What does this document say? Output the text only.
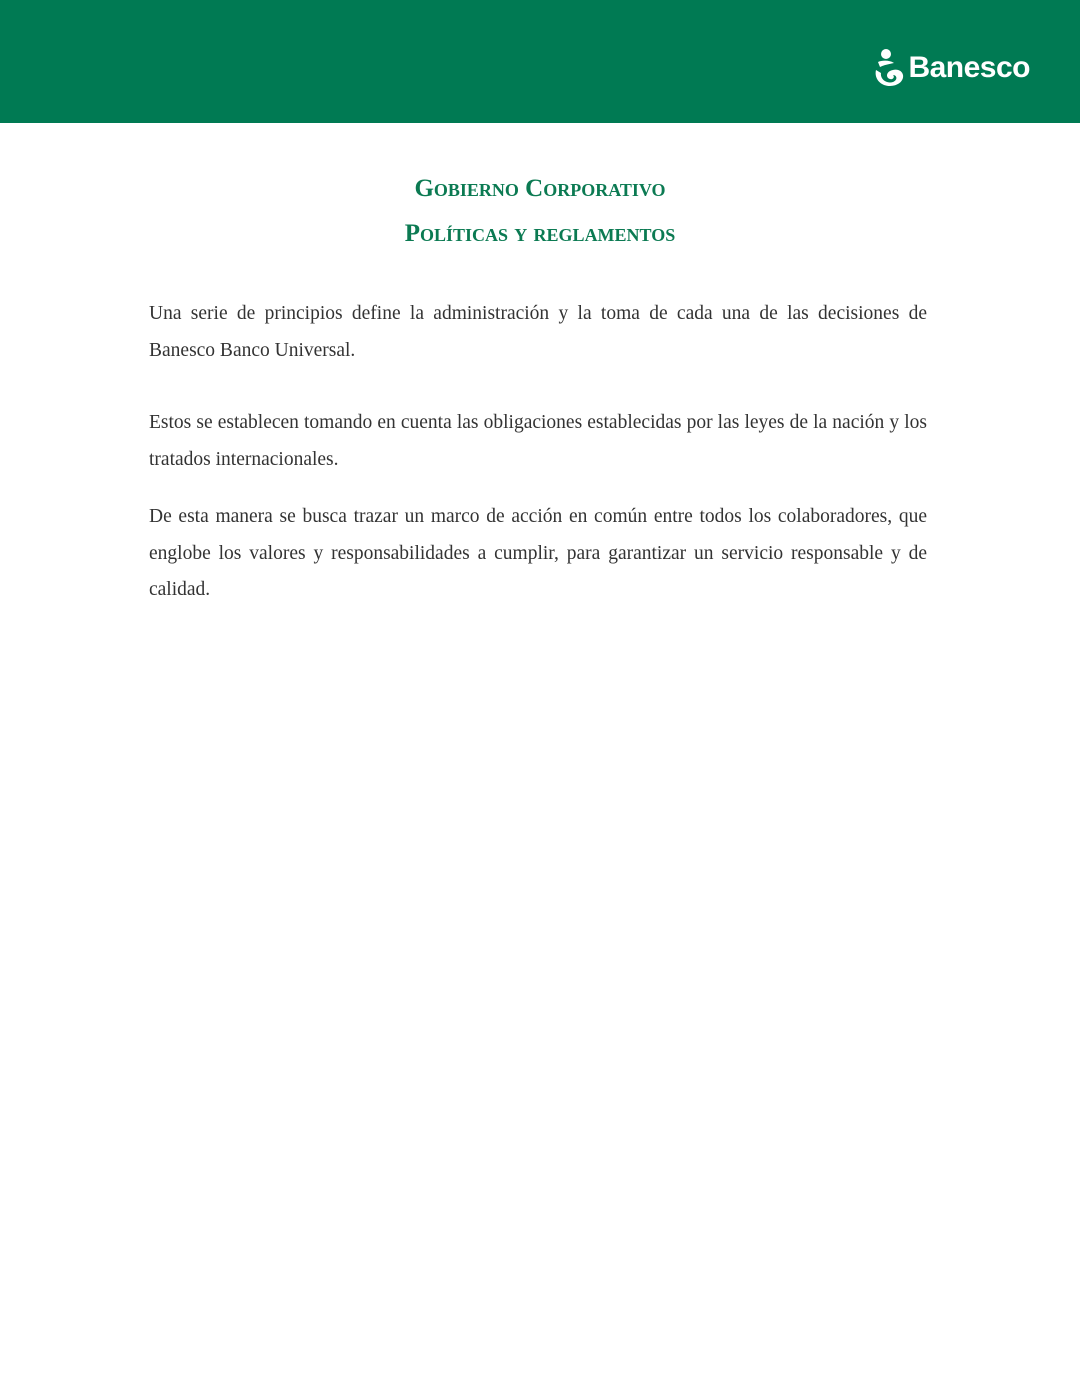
Banesco
Gobierno Corporativo
Políticas y reglamentos

Una serie de principios define la administración y la toma de cada una de las decisiones de Banesco Banco Universal.

Estos se establecen tomando en cuenta las obligaciones establecidas por las leyes de la nación y los tratados internacionales.

De esta manera se busca trazar un marco de acción en común entre todos los colaboradores, que englobe los valores y responsabilidades a cumplir, para garantizar un servicio responsable y de calidad.
